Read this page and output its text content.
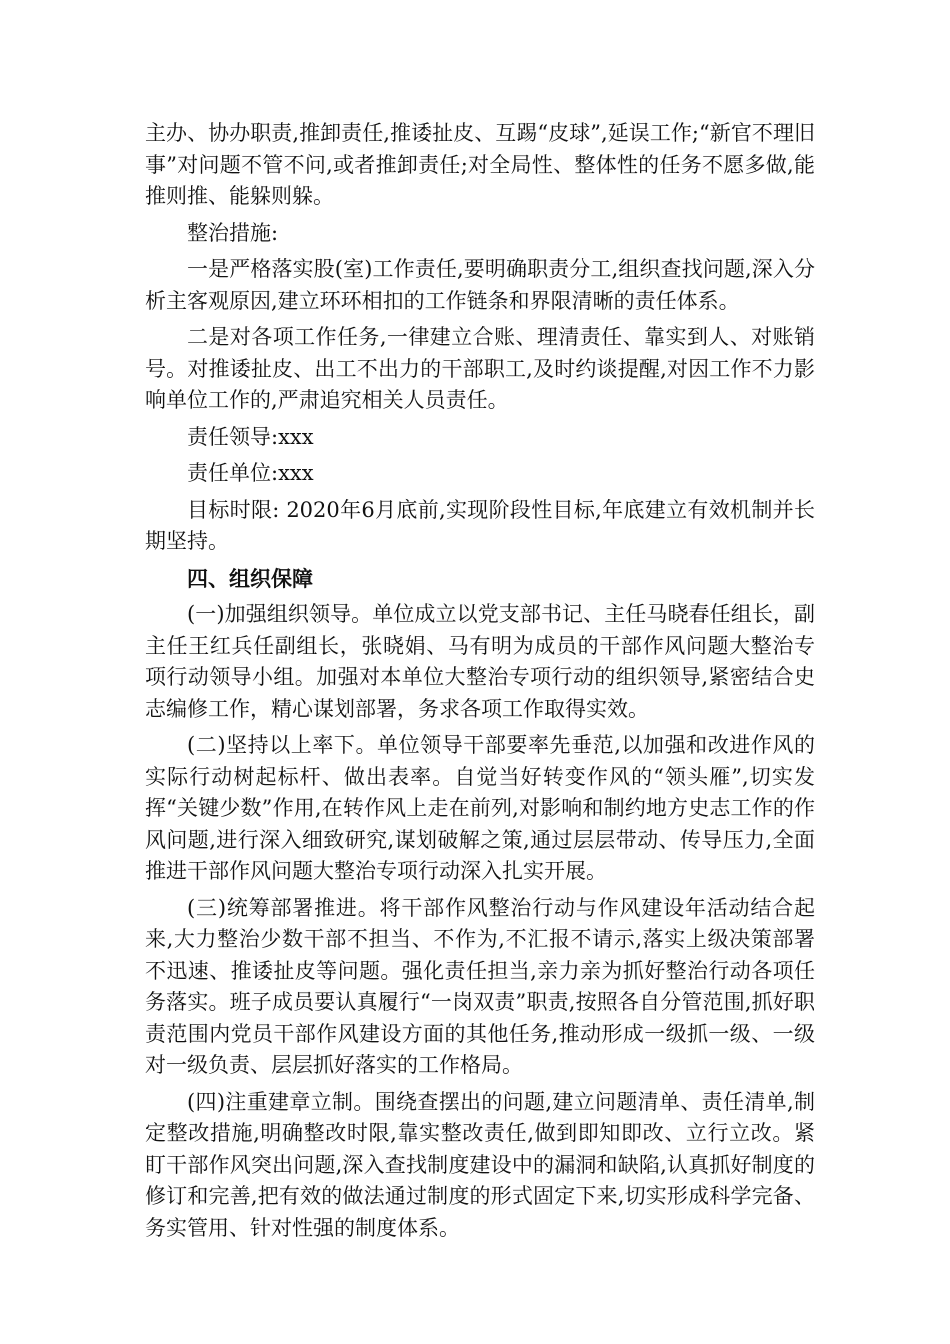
主办、协办职责,推卸责任,推诿扯皮、互踢“皮球”,延误工作;“新官不理旧事”对问题不管不问,或者推卸责任;对全局性、整体性的任务不愿多做,能推则推、能躲则躲。

整治措施:

一是严格落实股(室)工作责任,要明确职责分工,组织查找问题,深入分析主客观原因,建立环环相扣的工作链条和界限清晰的责任体系。

二是对各项工作任务,一律建立合账、理清责任、靠实到人、对账销号。对推诿扯皮、出工不出力的干部职工,及时约谈提醒,对因工作不力影响单位工作的,严肃追究相关人员责任。

责任领导:xxx

责任单位:xxx

目标时限: 2020年6月底前,实现阶段性目标,年底建立有效机制并长期坚持。

四、组织保障

(一)加强组织领导。单位成立以党支部书记、主任马晓春任组长，副主任王红兵任副组长，张晓娟、马有明为成员的干部作风问题大整治专项行动领导小组。加强对本单位大整治专项行动的组织领导,紧密结合史志编修工作，精心谋划部署，务求各项工作取得实效。

(二)坚持以上率下。单位领导干部要率先垂范,以加强和改进作风的实际行动树起标杆、做出表率。自觉当好转变作风的“领头雁”,切实发挥“关键少数”作用,在转作风上走在前列,对影响和制约地方史志工作的作风问题,进行深入细致研究,谋划破解之策,通过层层带动、传导压力,全面推进干部作风问题大整治专项行动深入扎实开展。

(三)统筹部署推进。将干部作风整治行动与作风建设年活动结合起来,大力整治少数干部不担当、不作为,不汇报不请示,落实上级决策部署不迅速、推诿扯皮等问题。强化责任担当,亲力亲为抓好整治行动各项任务落实。班子成员要认真履行“一岗双责”职责,按照各自分管范围,抓好职责范围内党员干部作风建设方面的其他任务,推动形成一级抓一级、一级对一级负责、层层抓好落实的工作格局。

(四)注重建章立制。围绕查摆出的问题,建立问题清单、责任清单,制定整改措施,明确整改时限,靠实整改责任,做到即知即改、立行立改。紧盯干部作风突出问题,深入查找制度建设中的漏洞和缺陷,认真抓好制度的修订和完善,把有效的做法通过制度的形式固定下来,切实形成科学完备、务实管用、针对性强的制度体系。
